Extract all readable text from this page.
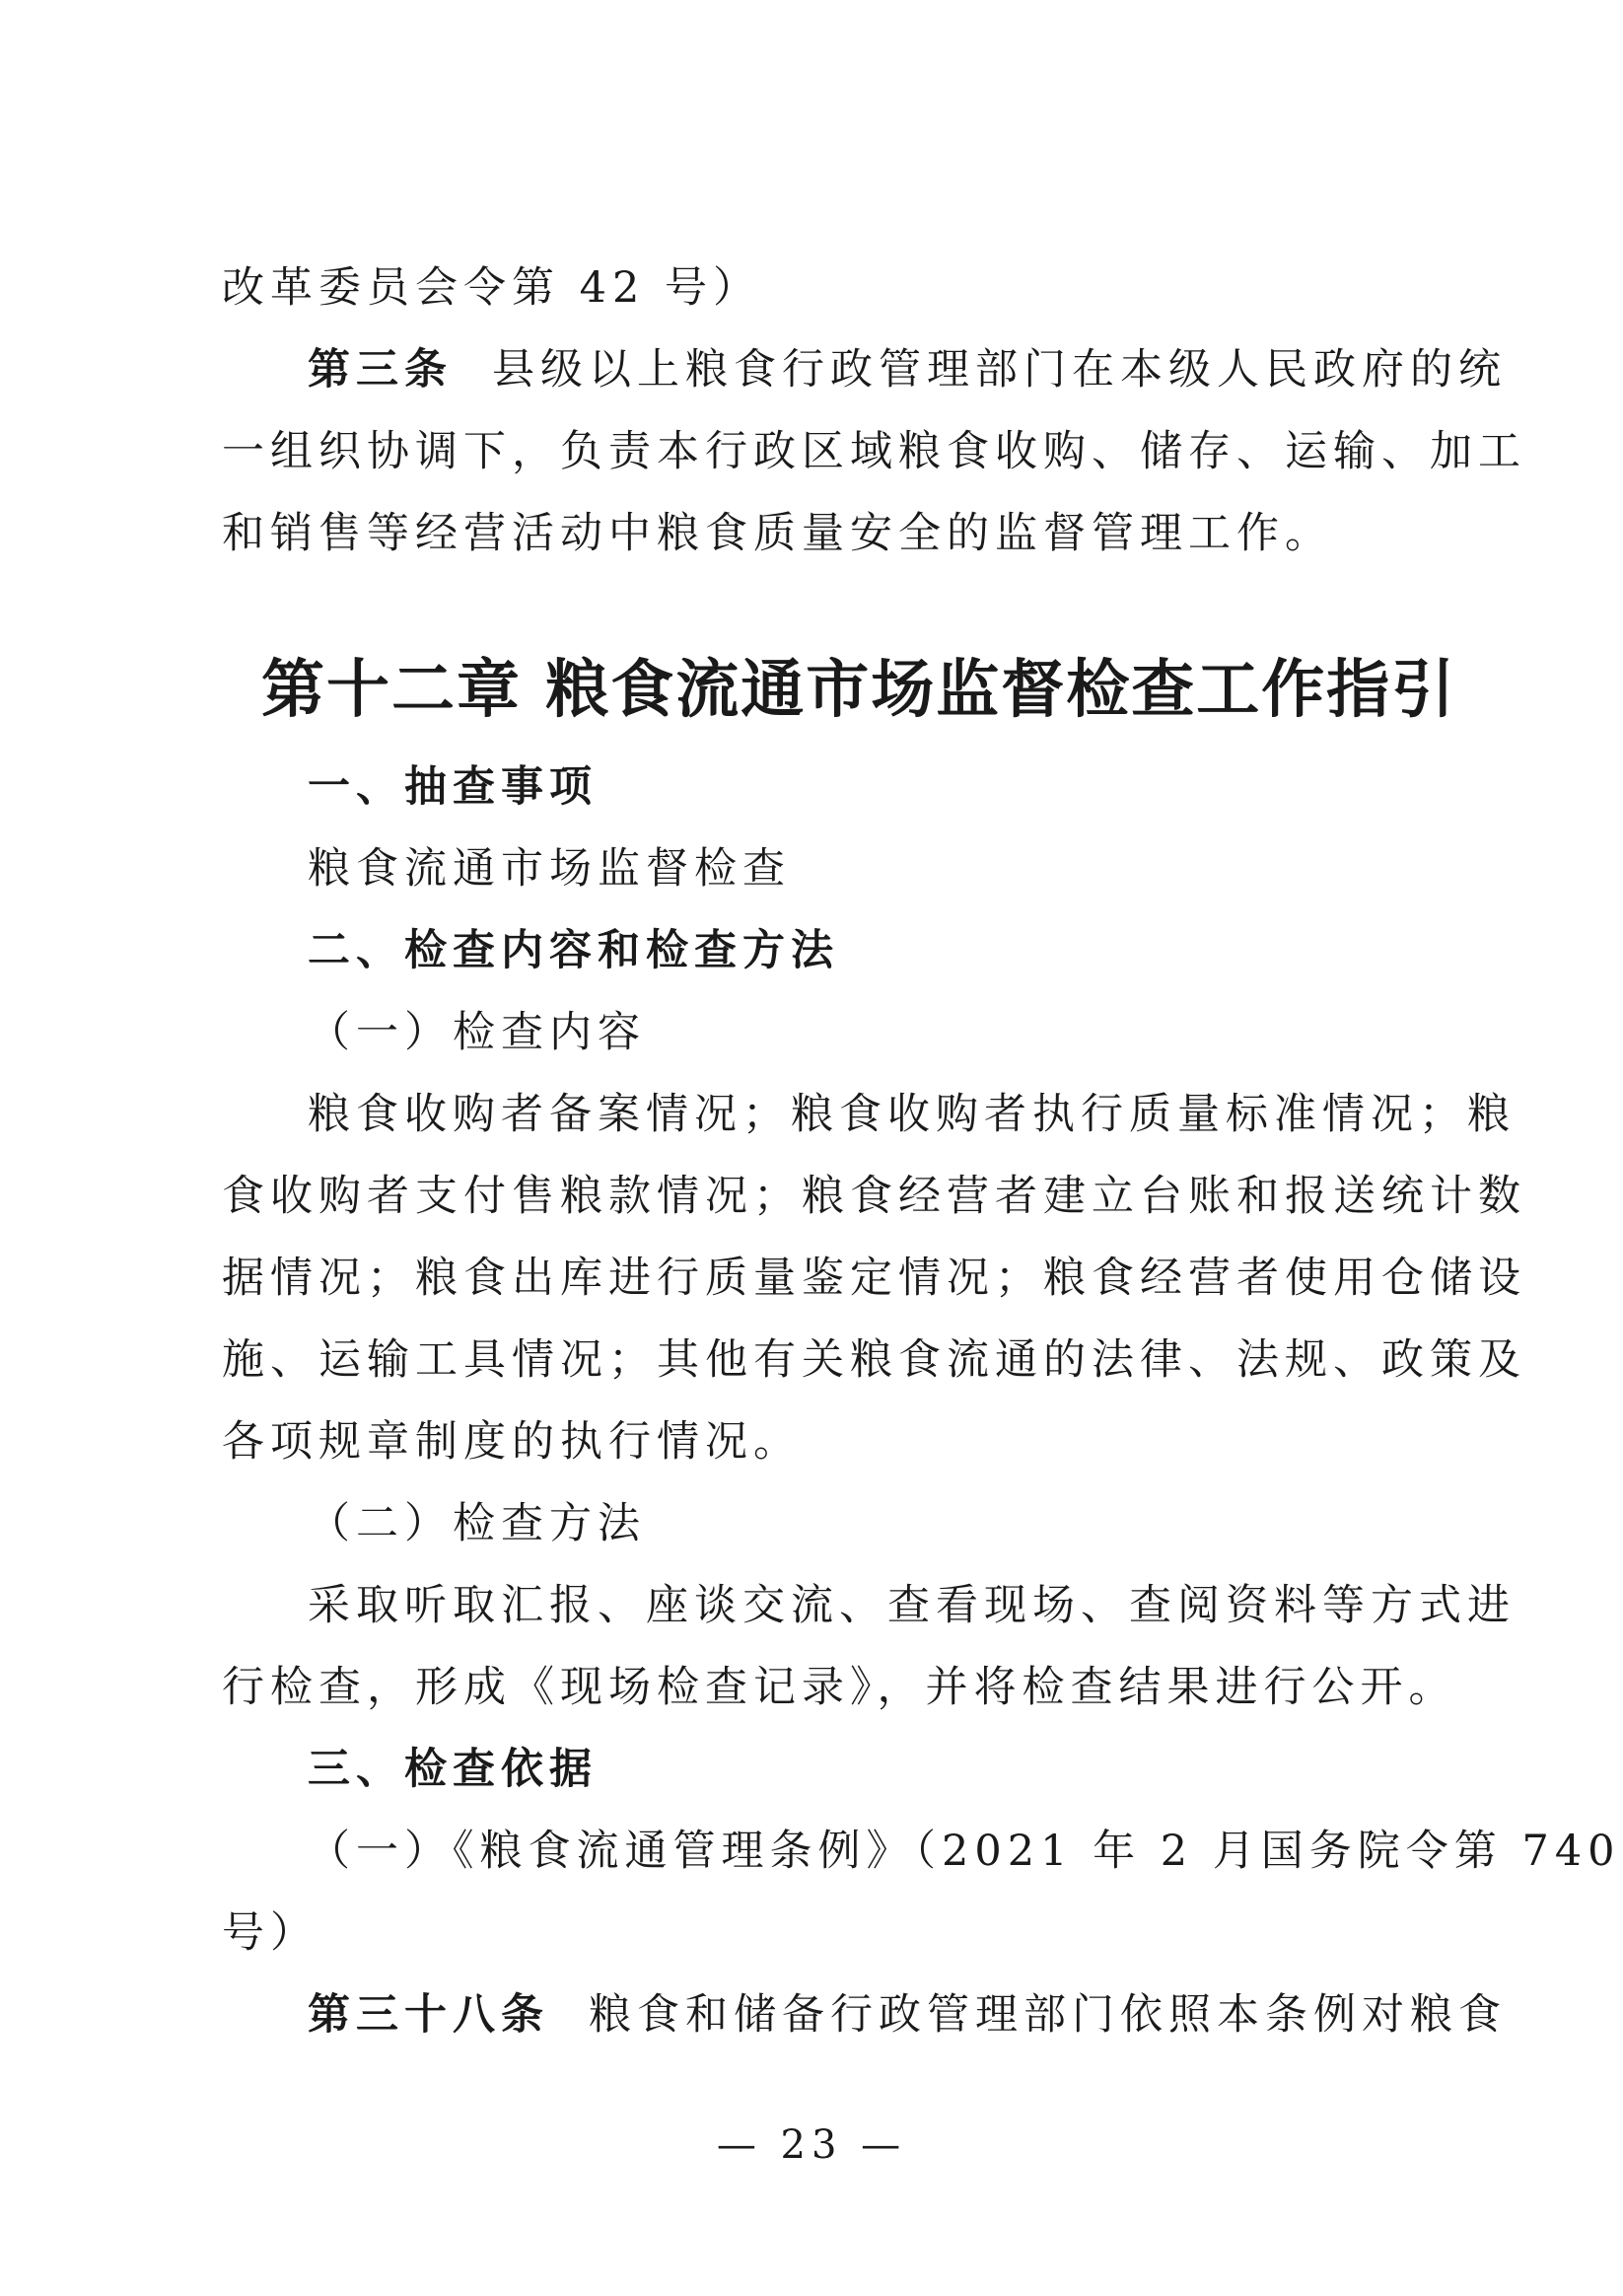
改革委员会令第 42 号）
第三条 县级以上粮食行政管理部门在本级人民政府的统
一组织协调下，负责本行政区域粮食收购、储存、运输、加工
和销售等经营活动中粮食质量安全的监督管理工作。
第十二章 粮食流通市场监督检查工作指引
一、抽查事项
粮食流通市场监督检查
二、检查内容和检查方法
（一）检查内容
粮食收购者备案情况；粮食收购者执行质量标准情况；粮
食收购者支付售粮款情况；粮食经营者建立台账和报送统计数
据情况；粮食出库进行质量鉴定情况；粮食经营者使用仓储设
施、运输工具情况；其他有关粮食流通的法律、法规、政策及
各项规章制度的执行情况。
（二）检查方法
采取听取汇报、座谈交流、查看现场、查阅资料等方式进
行检查，形成《现场检查记录》，并将检查结果进行公开。
三、检查依据
（一）《粮食流通管理条例》（2021 年 2 月国务院令第 740
号）
第三十八条 粮食和储备行政管理部门依照本条例对粮食
— 23 —
